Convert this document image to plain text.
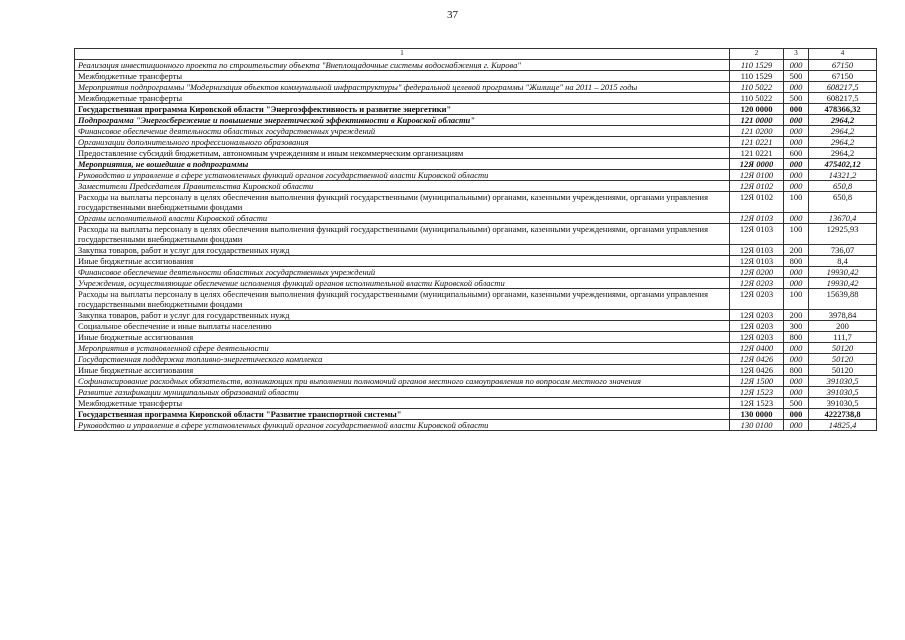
37
1	2	3	4
Реализация инвестиционного проекта по строительству объекта "Внеплощадочные системы водоснабжения г. Кирова"	110 1529	000	67150
Межбюджетные трансферты	110 1529	500	67150
Мероприятия подпрограммы "Модернизация объектов коммунальной инфраструктуры" федеральной целевой программы "Жилище" на 2011 – 2015 годы	110 5022	000	608217,5
Межбюджетные трансферты	110 5022	500	608217,5
Государственная программа Кировской области "Энергоэффективность и развитие энергетики"	120 0000	000	478366,32
Подпрограмма "Энергосбережение и повышение энергетической эффективности в Кировской области"	121 0000	000	2964,2
Финансовое обеспечение деятельности областных государственных учреждений	121 0200	000	2964,2
Организации дополнительного профессионального образования	121 0221	000	2964,2
Предоставление субсидий бюджетным, автономным учреждениям и иным некоммерческим организациям	121 0221	600	2964,2
Мероприятия, не вошедшие в подпрограммы	12Я 0000	000	475402,12
Руководство и управление в сфере установленных функций органов государственной власти Кировской области	12Я 0100	000	14321,2
Заместители Председателя Правительства Кировской области	12Я 0102	000	650,8
Расходы на выплаты персоналу в целях обеспечения выполнения функций государственными (муниципальными) органами, казенными учреждениями, органами управления государственными внебюджетными фондами	12Я 0102	100	650,8
Органы исполнительной власти Кировской области	12Я 0103	000	13670,4
Расходы на выплаты персоналу в целях обеспечения выполнения функций государственными (муниципальными) органами, казенными учреждениями, органами управления государственными внебюджетными фондами	12Я 0103	100	12925,93
Закупка товаров, работ и услуг для государственных нужд	12Я 0103	200	736,07
Иные бюджетные ассигнования	12Я 0103	800	8,4
Финансовое обеспечение деятельности областных государственных учреждений	12Я 0200	000	19930,42
Учреждения, осуществляющие обеспечение исполнения функций органов исполнительной власти Кировской области	12Я 0203	000	19930,42
Расходы на выплаты персоналу в целях обеспечения выполнения функций государственными (муниципальными) органами, казенными учреждениями, органами управления государственными внебюджетными фондами	12Я 0203	100	15639,88
Закупка товаров, работ и услуг для государственных нужд	12Я 0203	200	3978,84
Социальное обеспечение и иные выплаты населению	12Я 0203	300	200
Иные бюджетные ассигнования	12Я 0203	800	111,7
Мероприятия в установленной сфере деятельности	12Я 0400	000	50120
Государственная поддержка топливно-энергетического комплекса	12Я 0426	000	50120
Иные бюджетные ассигнования	12Я 0426	800	50120
Софинансирование расходных обязательств, возникающих при выполнении полномочий органов местного самоуправления по вопросам местного значения	12Я 1500	000	391030,5
Развитие газификации муниципальных образований области	12Я 1523	000	391030,5
Межбюджетные трансферты	12Я 1523	500	391030,5
Государственная программа Кировской области "Развитие транспортной системы"	130 0000	000	4222738,8
Руководство и управление в сфере установленных функций органов государственной власти Кировской области	130 0100	000	14825,4
